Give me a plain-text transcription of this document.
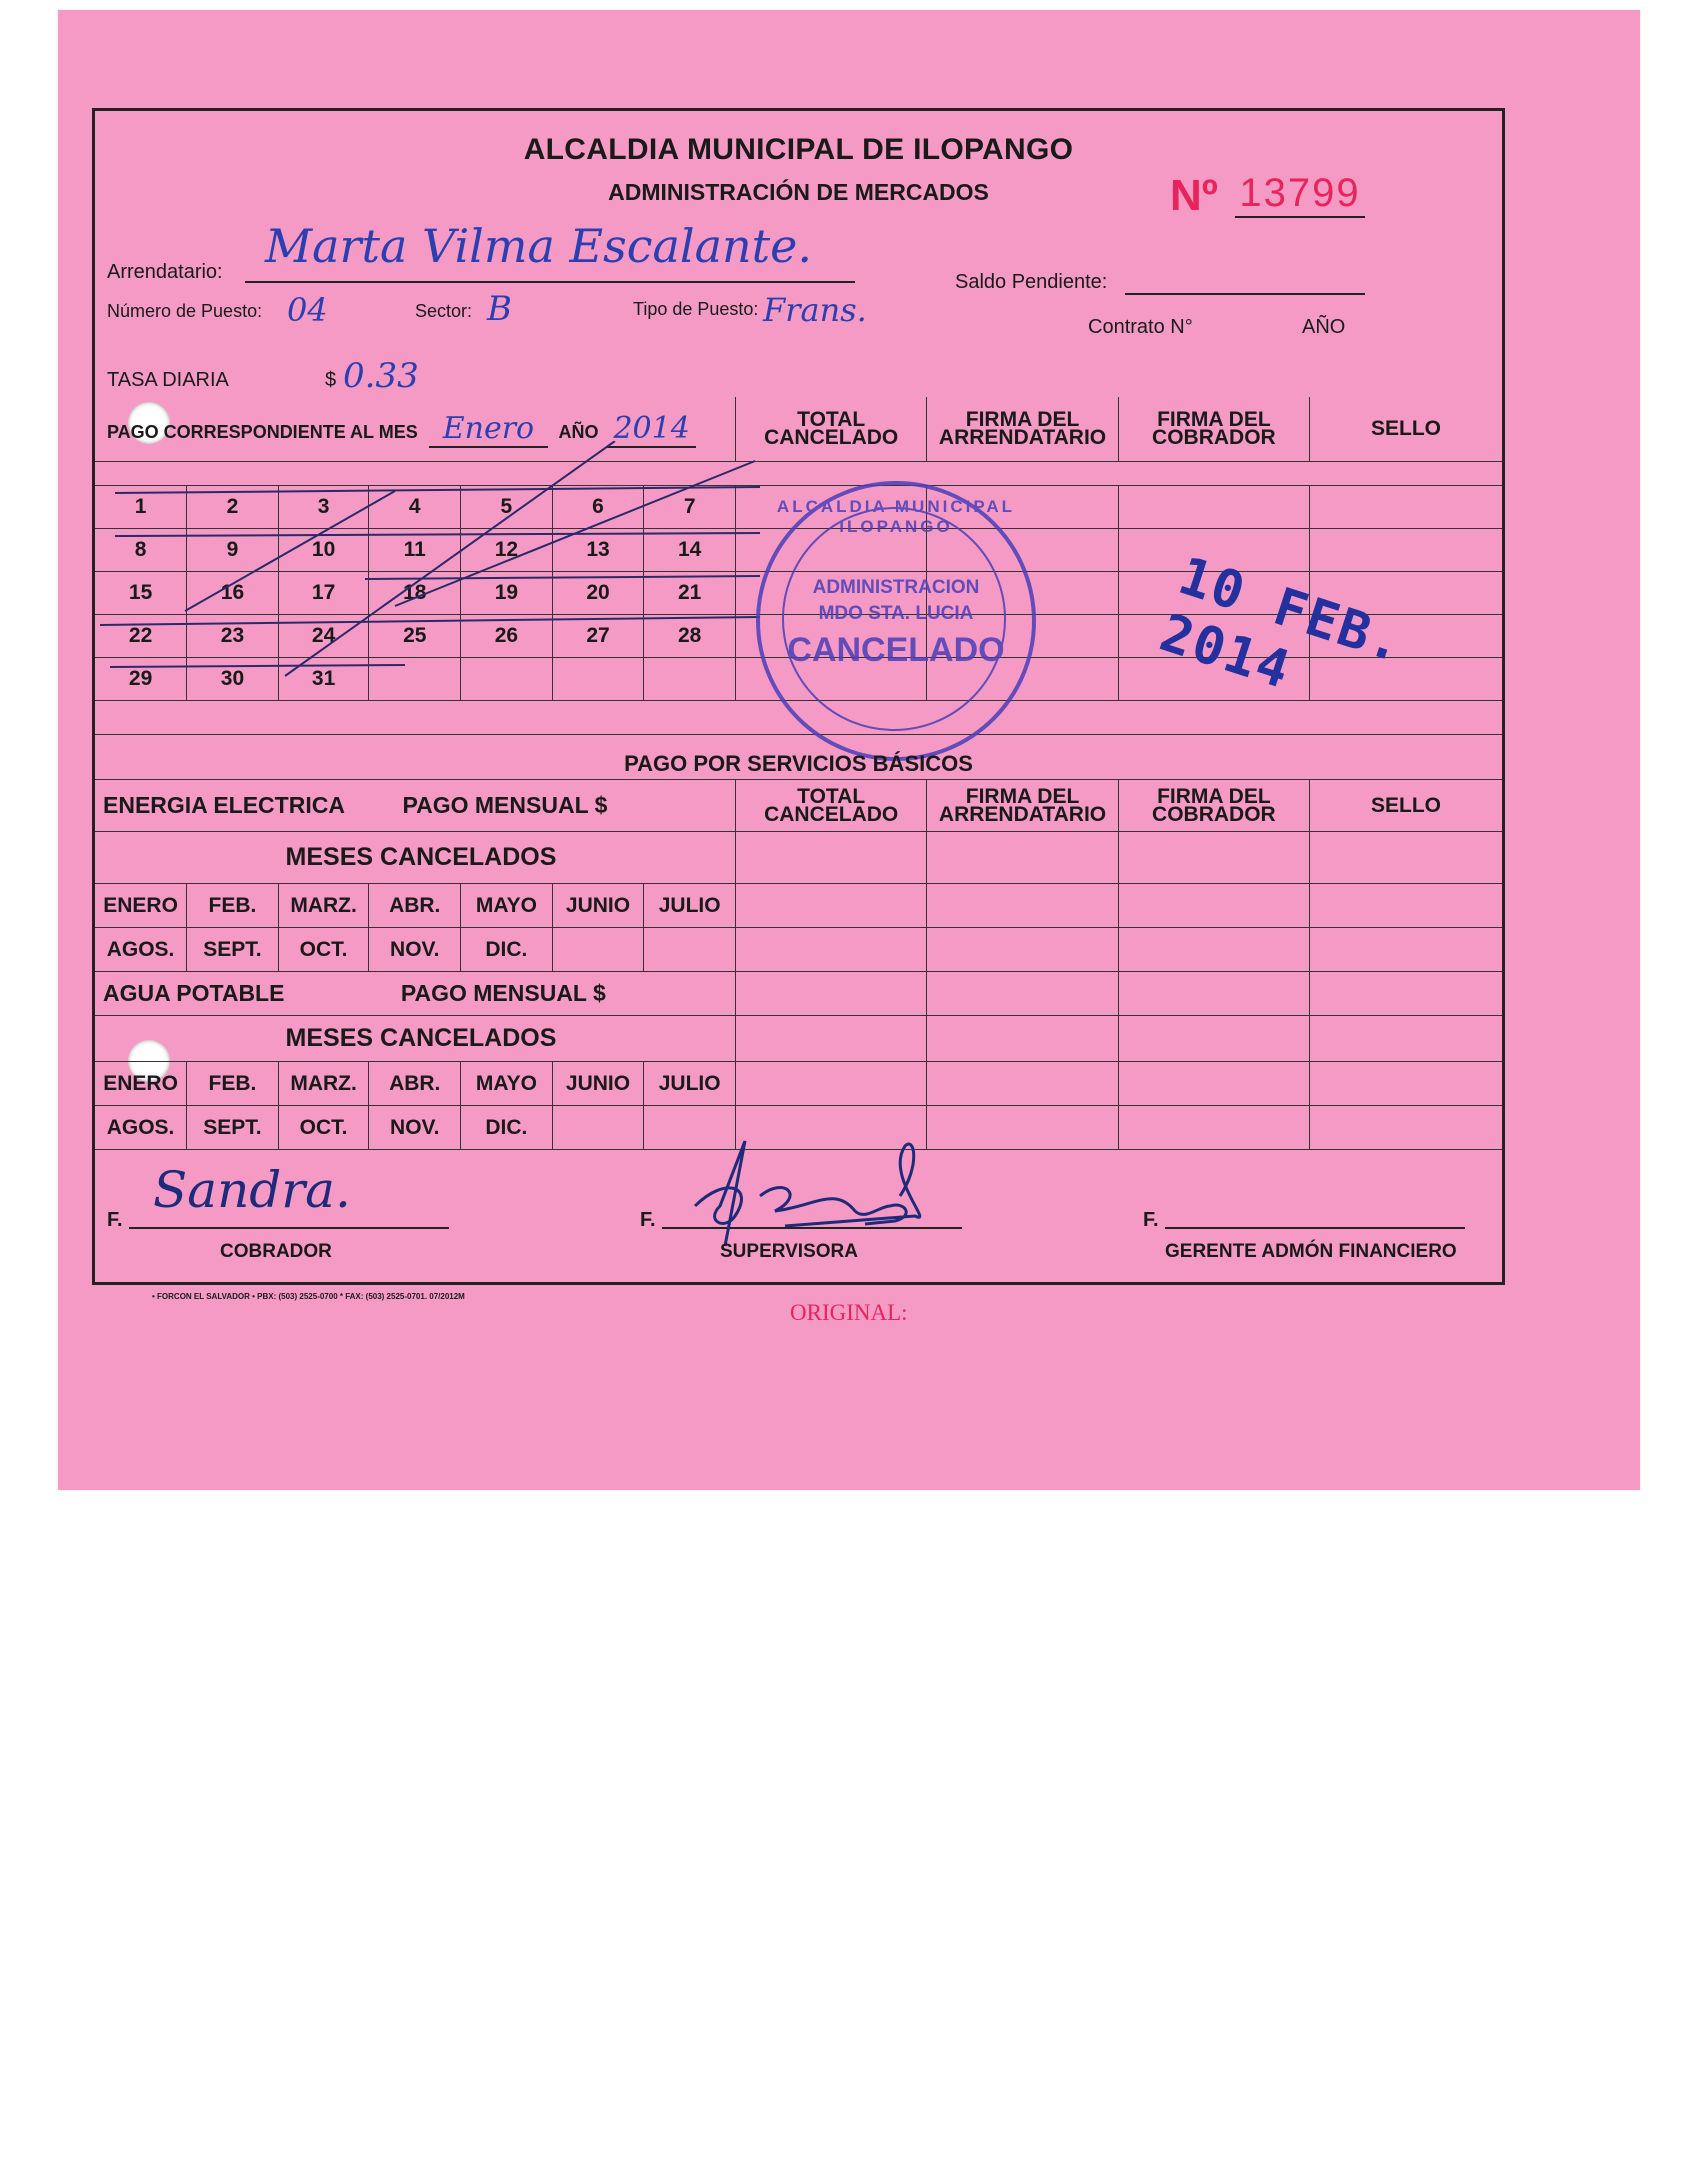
ALCALDIA MUNICIPAL DE ILOPANGO
ADMINISTRACIÓN DE MERCADOS	Nº 13799
Arrendatario: Marta Vilma Escalante.
Saldo Pendiente:
Número de Puesto: 04	Sector: B	Tipo de Puesto: Frans.	Contrato N°	AÑO
TASA DIARIA	$ 0.33
PAGO CORRESPONDIENTE AL MES Enero AÑO 2014							TOTAL CANCELADO	FIRMA DEL ARRENDATARIO	FIRMA DEL COBRADOR	SELLO

1	2	3	4	5	6	7				
8	9	10	11	12	13	14				
15	16	17	18	19	20	21				
22	23	24	25	26	27	28				
29	30	31								

ALCALDIA MUNICIPAL ILOPANGO
ADMINISTRACION
MDO STA. LUCIA
CANCELADO	10 FEB. 2014
PAGO POR SERVICIOS BÁSICOS
ENERGIA ELECTRICA PAGO MENSUAL $							TOTAL CANCELADO	FIRMA DEL ARRENDATARIO	FIRMA DEL COBRADOR	SELLO
MESES CANCELADOS										
ENERO	FEB.	MARZ.	ABR.	MAYO	JUNIO	JULIO				
AGOS.	SEPT.	OCT.	NOV.	DIC.						
AGUA POTABLE PAGO MENSUAL $										
MESES CANCELADOS										
ENERO	FEB.	MARZ.	ABR.	MAYO	JUNIO	JULIO				
AGOS.	SEPT.	OCT.	NOV.	DIC.						
F.
Sandra.
COBRADOR
F.
SUPERVISORA
F.
GERENTE ADMÓN FINANCIERO
• FORCON EL SALVADOR • PBX: (503) 2525-0700 * FAX: (503) 2525-0701. 07/2012M
ORIGINAL:
